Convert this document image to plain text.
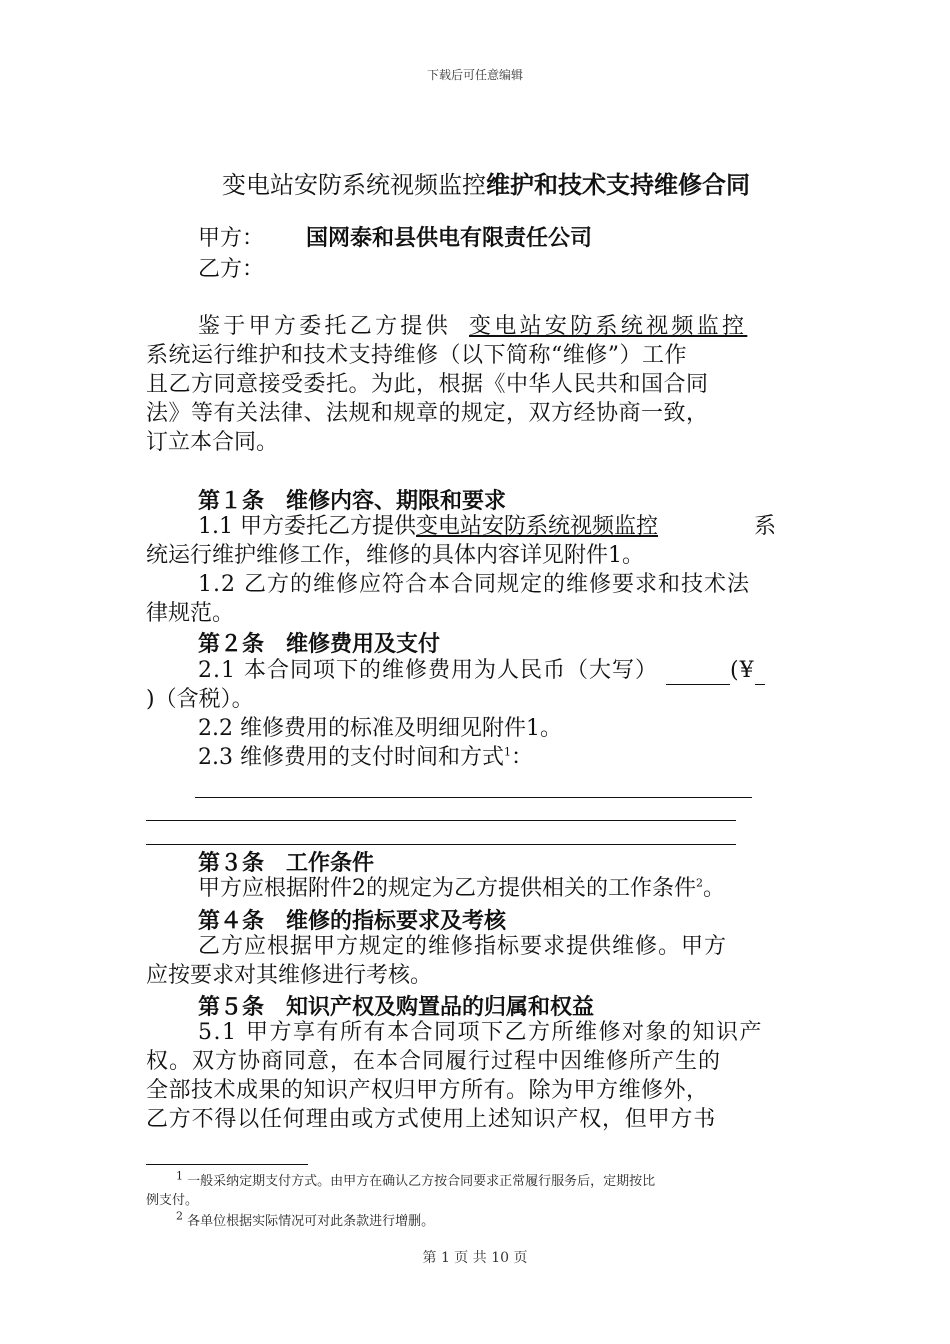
下载后可任意编辑
变电站安防系统视频监控维护和技术支持维修合同
甲方： 国网泰和县供电有限责任公司
乙方：
鉴于甲方委托乙方提供 变电站安防系统视频监控
系统运行维护和技术支持维修（以下简称“维修”）工作
且乙方同意接受委托。为此，根据《中华人民共和国合同
法》等有关法律、法规和规章的规定，双方经协商一致，
订立本合同。
第１条　维修内容、期限和要求
1.1 甲方委托乙方提供变电站安防系统视频监控	系
统运行维护维修工作，维修的具体内容详见附件1。
1.2 乙方的维修应符合本合同规定的维修要求和技术法
律规范。
第２条　维修费用及支付
2.1 本合同项下的维修费用为人民币（大写）	(¥
)（含税）。
2.2 维修费用的标准及明细见附件1。
2.3 维修费用的支付时间和方式$^1$：
第３条　工作条件
甲方应根据附件2的规定为乙方提供相关的工作条件$^2$。
第４条　维修的指标要求及考核
乙方应根据甲方规定的维修指标要求提供维修。甲方
应按要求对其维修进行考核。
第５条　知识产权及购置品的归属和权益
5.1 甲方享有所有本合同项下乙方所维修对象的知识产
权。双方协商同意，在本合同履行过程中因维修所产生的
全部技术成果的知识产权归甲方所有。除为甲方维修外，
乙方不得以任何理由或方式使用上述知识产权，但甲方书
$^1$ 一般采纳定期支付方式。由甲方在确认乙方按合同要求正常履行服务后，定期按比
例支付。
$^2$ 各单位根据实际情况可对此条款进行增删。
第 1 页 共 10 页
